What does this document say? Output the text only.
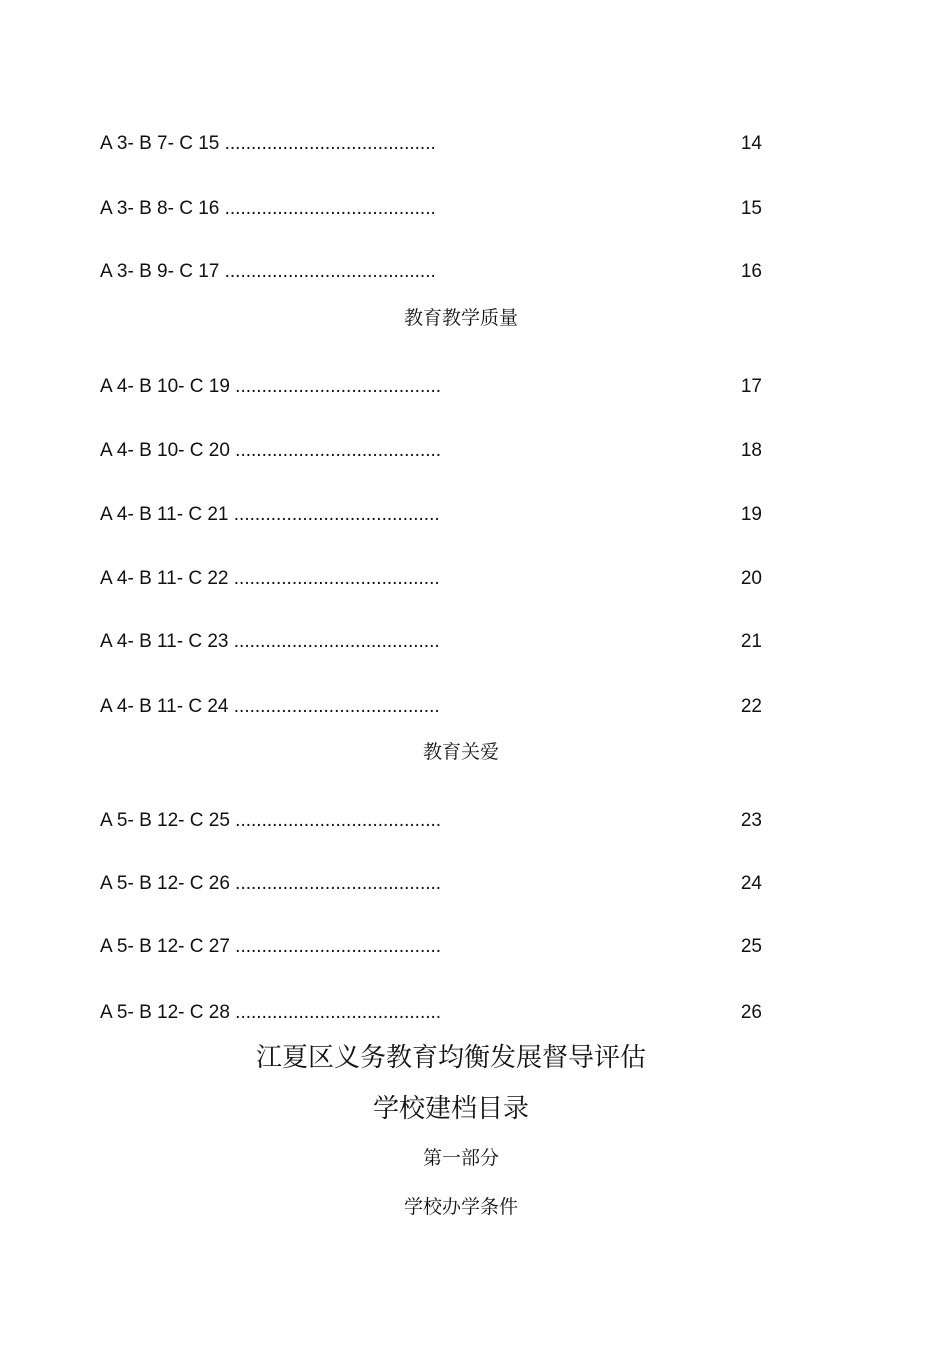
A 3- B 7- C 15 ........................................	14
A 3- B 8- C 16 ........................................	15
A 3- B 9- C 17 ........................................	16
教育教学质量
A 4- B 10- C 19 .......................................	17
A 4- B 10- C 20 .......................................	18
A 4- B 11- C 21 .......................................	19
A 4- B 11- C 22 .......................................	20
A 4- B 11- C 23 .......................................	21
A 4- B 11- C 24 .......................................	22
教育关爱
A 5- B 12- C 25 .......................................	23
A 5- B 12- C 26 .......................................	24
A 5- B 12- C 27 .......................................	25
A 5- B 12- C 28 .......................................	26
江夏区义务教育均衡发展督导评估
学校建档目录
第一部分
学校办学条件
